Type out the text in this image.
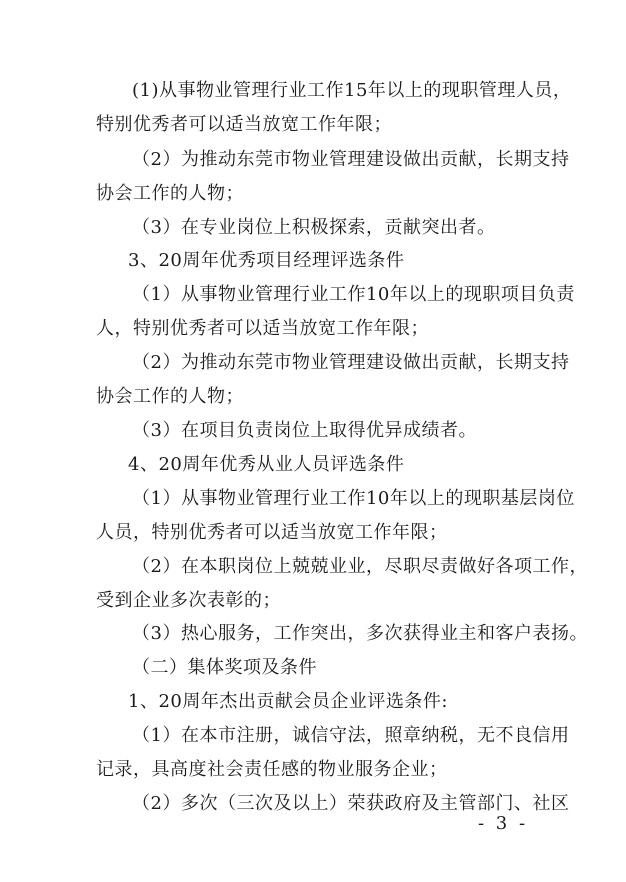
(1)从事物业管理行业工作15年以上的现职管理人员，
特别优秀者可以适当放宽工作年限；
（2）为推动东莞市物业管理建设做出贡献，长期支持
协会工作的人物；
（3）在专业岗位上积极探索，贡献突出者。
3、20周年优秀项目经理评选条件
（1）从事物业管理行业工作10年以上的现职项目负责
人，特别优秀者可以适当放宽工作年限；
（2）为推动东莞市物业管理建设做出贡献，长期支持
协会工作的人物；
（3）在项目负责岗位上取得优异成绩者。
4、20周年优秀从业人员评选条件
（1）从事物业管理行业工作10年以上的现职基层岗位
人员，特别优秀者可以适当放宽工作年限；
（2）在本职岗位上兢兢业业，尽职尽责做好各项工作，
受到企业多次表彰的；
（3）热心服务，工作突出，多次获得业主和客户表扬。
（二）集体奖项及条件
1、20周年杰出贡献会员企业评选条件:
（1）在本市注册，诚信守法，照章纳税，无不良信用
记录，具高度社会责任感的物业服务企业；
（2）多次（三次及以上）荣获政府及主管部门、社区
- 3 -
